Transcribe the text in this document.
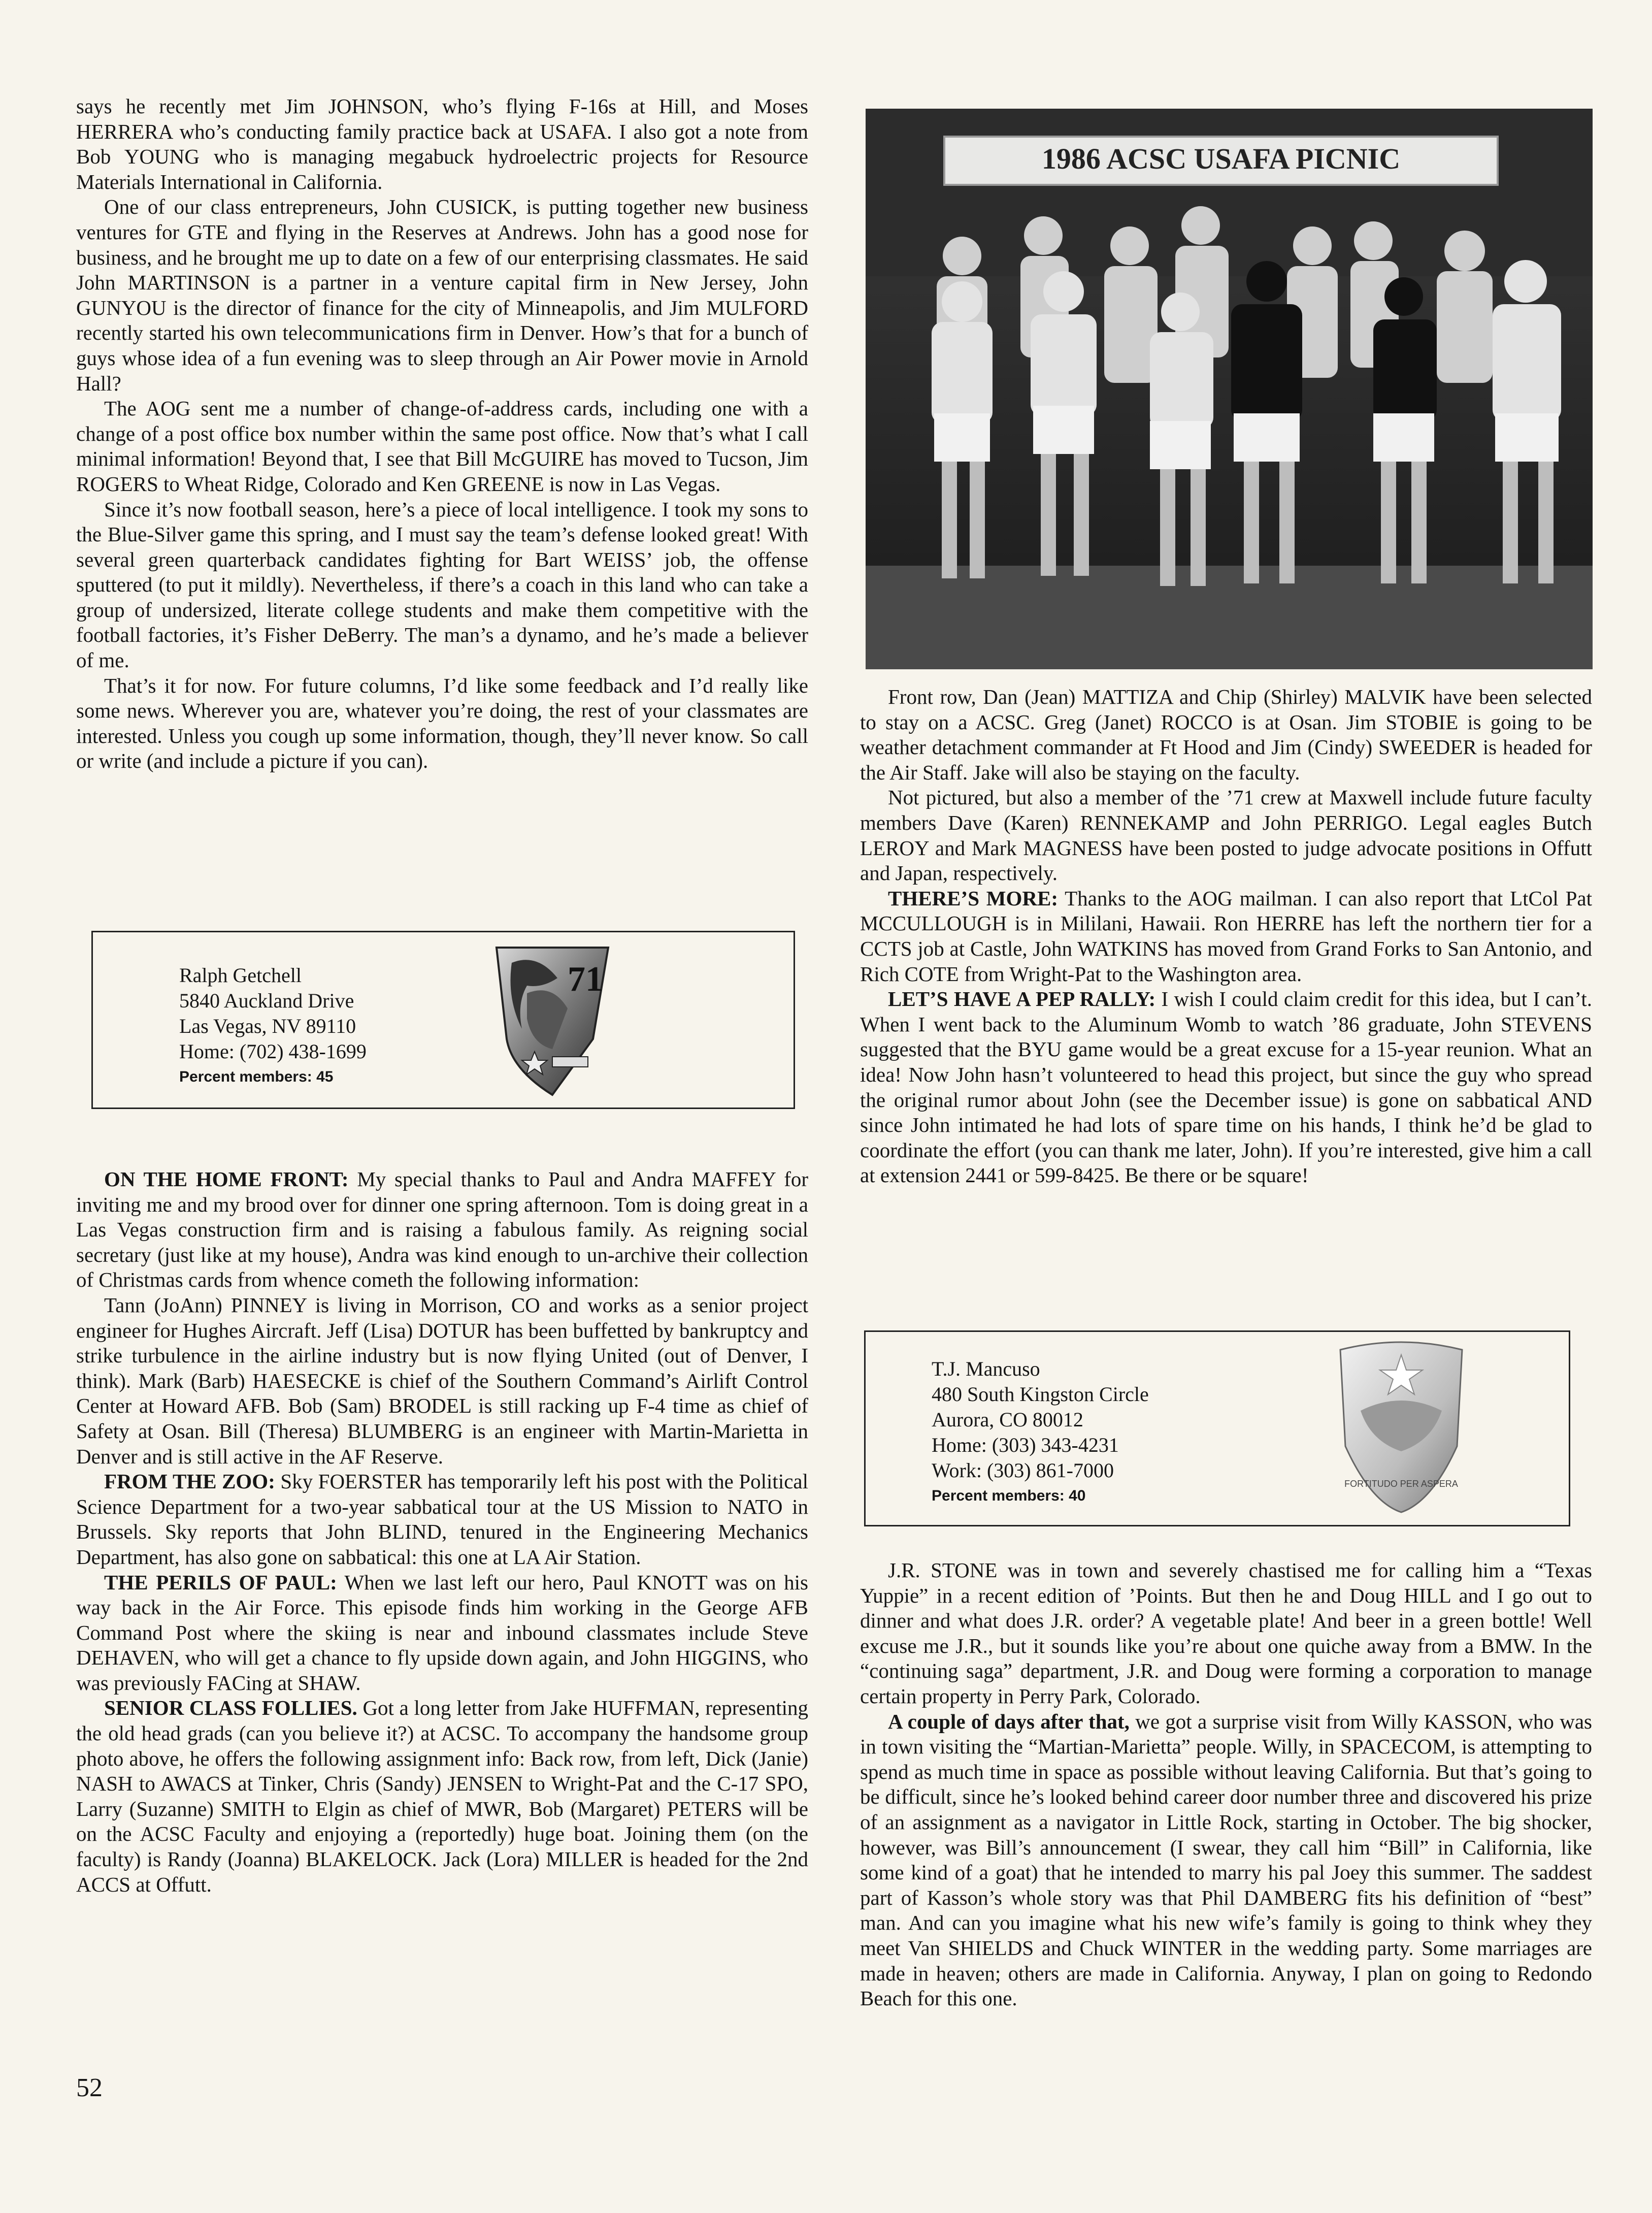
says he recently met Jim JOHNSON, who’s flying F-16s at Hill, and Moses HERRERA who’s conducting family practice back at USAFA. I also got a note from Bob YOUNG who is managing megabuck hydroelectric projects for Resource Materials International in California.

One of our class entrepreneurs, John CUSICK, is putting together new business ventures for GTE and flying in the Reserves at Andrews. John has a good nose for business, and he brought me up to date on a few of our enterprising classmates. He said John MARTINSON is a partner in a venture capital firm in New Jersey, John GUNYOU is the director of finance for the city of Minneapolis, and Jim MULFORD recently started his own telecommunications firm in Denver. How’s that for a bunch of guys whose idea of a fun evening was to sleep through an Air Power movie in Arnold Hall?

The AOG sent me a number of change-of-address cards, including one with a change of a post office box number within the same post office. Now that’s what I call minimal information! Beyond that, I see that Bill McGUIRE has moved to Tucson, Jim ROGERS to Wheat Ridge, Colorado and Ken GREENE is now in Las Vegas.

Since it’s now football season, here’s a piece of local intelligence. I took my sons to the Blue-Silver game this spring, and I must say the team’s defense looked great! With several green quarterback candidates fighting for Bart WEISS’ job, the offense sputtered (to put it mildly). Nevertheless, if there’s a coach in this land who can take a group of undersized, literate college students and make them competitive with the football factories, it’s Fisher DeBerry. The man’s a dynamo, and he’s made a believer of me.

That’s it for now. For future columns, I’d like some feedback and I’d really like some news. Wherever you are, whatever you’re doing, the rest of your classmates are interested. Unless you cough up some information, though, they’ll never know. So call or write (and include a picture if you can).

Ralph Getchell
5840 Auckland Drive
Las Vegas, NV 89110
Home: (702) 438-1699
Percent members: 45
71

ON THE HOME FRONT: My special thanks to Paul and Andra MAFFEY for inviting me and my brood over for dinner one spring afternoon. Tom is doing great in a Las Vegas construction firm and is raising a fabulous family. As reigning social secretary (just like at my house), Andra was kind enough to un-archive their collection of Christmas cards from whence cometh the following information:

Tann (JoAnn) PINNEY is living in Morrison, CO and works as a senior project engineer for Hughes Aircraft. Jeff (Lisa) DOTUR has been buffetted by bankruptcy and strike turbulence in the airline industry but is now flying United (out of Denver, I think). Mark (Barb) HAESECKE is chief of the Southern Command’s Airlift Control Center at Howard AFB. Bob (Sam) BRODEL is still racking up F-4 time as chief of Safety at Osan. Bill (Theresa) BLUMBERG is an engineer with Martin-Marietta in Denver and is still active in the AF Reserve.

FROM THE ZOO: Sky FOERSTER has temporarily left his post with the Political Science Department for a two-year sabbatical tour at the US Mission to NATO in Brussels. Sky reports that John BLIND, tenured in the Engineering Mechanics Department, has also gone on sabbatical: this one at LA Air Station.

THE PERILS OF PAUL: When we last left our hero, Paul KNOTT was on his way back in the Air Force. This episode finds him working in the George AFB Command Post where the skiing is near and inbound classmates include Steve DEHAVEN, who will get a chance to fly upside down again, and John HIGGINS, who was previously FACing at SHAW.

SENIOR CLASS FOLLIES. Got a long letter from Jake HUFFMAN, representing the old head grads (can you believe it?) at ACSC. To accompany the handsome group photo above, he offers the following assignment info: Back row, from left, Dick (Janie) NASH to AWACS at Tinker, Chris (Sandy) JENSEN to Wright-Pat and the C-17 SPO, Larry (Suzanne) SMITH to Elgin as chief of MWR, Bob (Margaret) PETERS will be on the ACSC Faculty and enjoying a (reportedly) huge boat. Joining them (on the faculty) is Randy (Joanna) BLAKELOCK. Jack (Lora) MILLER is headed for the 2nd ACCS at Offutt.

1986 ACSC USAFA PICNIC

Front row, Dan (Jean) MATTIZA and Chip (Shirley) MALVIK have been selected to stay on a ACSC. Greg (Janet) ROCCO is at Osan. Jim STOBIE is going to be weather detachment commander at Ft Hood and Jim (Cindy) SWEEDER is headed for the Air Staff. Jake will also be staying on the faculty.

Not pictured, but also a member of the ’71 crew at Maxwell include future faculty members Dave (Karen) RENNEKAMP and John PERRIGO. Legal eagles Butch LEROY and Mark MAGNESS have been posted to judge advocate positions in Offutt and Japan, respectively.

THERE’S MORE: Thanks to the AOG mailman. I can also report that LtCol Pat MCCULLOUGH is in Mililani, Hawaii. Ron HERRE has left the northern tier for a CCTS job at Castle, John WATKINS has moved from Grand Forks to San Antonio, and Rich COTE from Wright-Pat to the Washington area.

LET’S HAVE A PEP RALLY: I wish I could claim credit for this idea, but I can’t. When I went back to the Aluminum Womb to watch ’86 graduate, John STEVENS suggested that the BYU game would be a great excuse for a 15-year reunion. What an idea! Now John hasn’t volunteered to head this project, but since the guy who spread the original rumor about John (see the December issue) is gone on sabbatical AND since John intimated he had lots of spare time on his hands, I think he’d be glad to coordinate the effort (you can thank me later, John). If you’re interested, give him a call at extension 2441 or 599-8425. Be there or be square!

T.J. Mancuso
480 South Kingston Circle
Aurora, CO 80012
Home: (303) 343-4231
Work: (303) 861-7000
Percent members: 40
FORTITUDO PER ASPERA

J.R. STONE was in town and severely chastised me for calling him a “Texas Yuppie” in a recent edition of ’Points. But then he and Doug HILL and I go out to dinner and what does J.R. order? A vegetable plate! And beer in a green bottle! Well excuse me J.R., but it sounds like you’re about one quiche away from a BMW. In the “continuing saga” department, J.R. and Doug were forming a corporation to manage certain property in Perry Park, Colorado.

A couple of days after that, we got a surprise visit from Willy KASSON, who was in town visiting the “Martian-Marietta” people. Willy, in SPACECOM, is attempting to spend as much time in space as possible without leaving California. But that’s going to be difficult, since he’s looked behind career door number three and discovered his prize of an assignment as a navigator in Little Rock, starting in October. The big shocker, however, was Bill’s announcement (I swear, they call him “Bill” in California, like some kind of a goat) that he intended to marry his pal Joey this summer. The saddest part of Kasson’s whole story was that Phil DAMBERG fits his definition of “best” man. And can you imagine what his new wife’s family is going to think whey they meet Van SHIELDS and Chuck WINTER in the wedding party. Some marriages are made in heaven; others are made in California. Anyway, I plan on going to Redondo Beach for this one.

52
